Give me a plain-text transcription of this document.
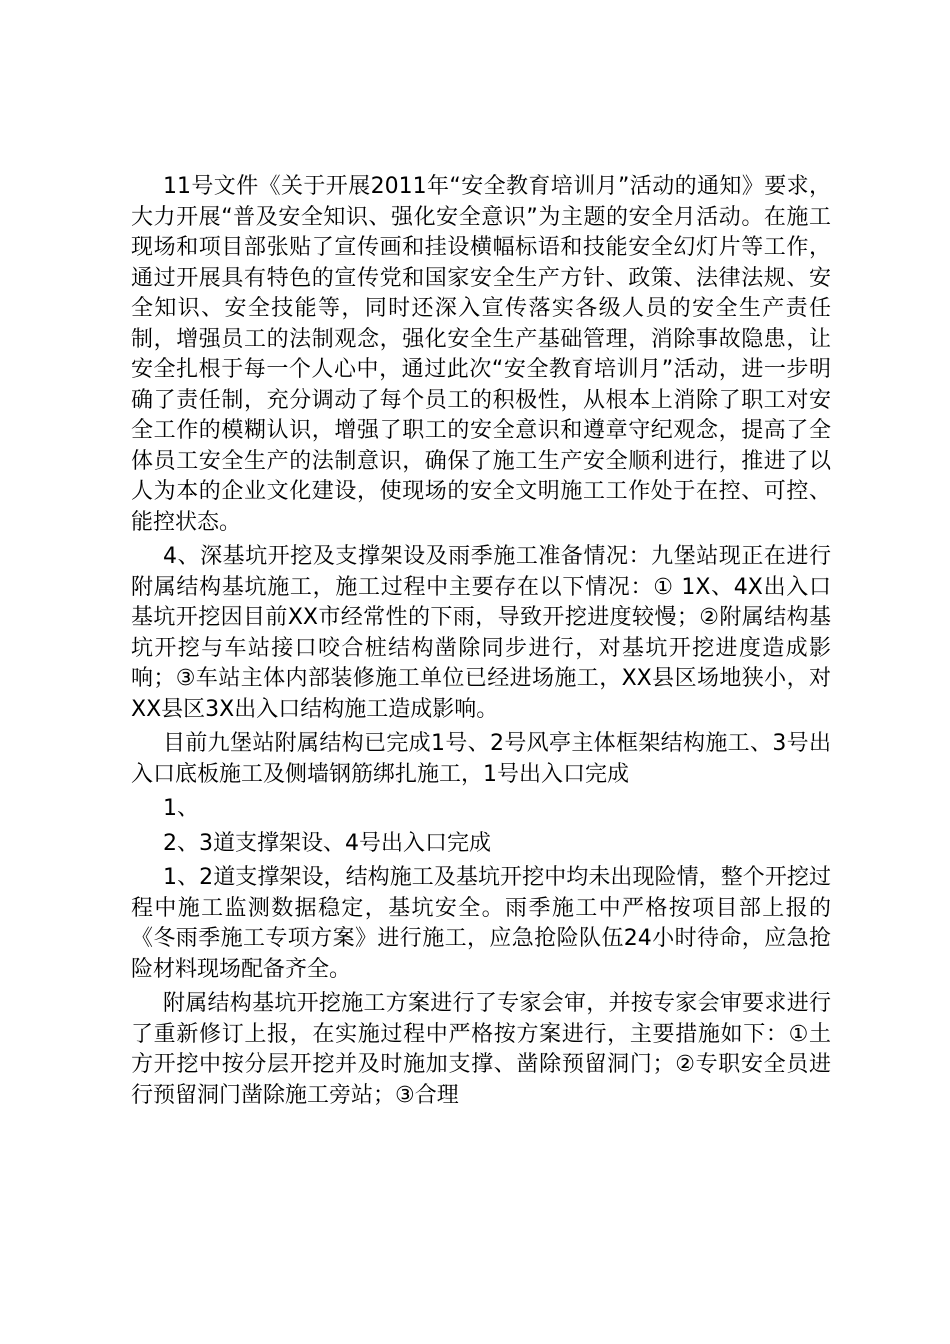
11号文件《关于开展2011年“安全教育培训月”活动的通知》要求，大力开展“普及安全知识、强化安全意识”为主题的安全月活动。在施工现场和项目部张贴了宣传画和挂设横幅标语和技能安全幻灯片等工作，通过开展具有特色的宣传党和国家安全生产方针、政策、法律法规、安全知识、安全技能等，同时还深入宣传落实各级人员的安全生产责任制，增强员工的法制观念，强化安全生产基础管理，消除事故隐患，让安全扎根于每一个人心中，通过此次“安全教育培训月”活动，进一步明确了责任制，充分调动了每个员工的积极性，从根本上消除了职工对安全工作的模糊认识，增强了职工的安全意识和遵章守纪观念，提高了全体员工安全生产的法制意识，确保了施工生产安全顺利进行，推进了以人为本的企业文化建设，使现场的安全文明施工工作处于在控、可控、能控状态。

4、深基坑开挖及支撑架设及雨季施工准备情况：九堡站现正在进行附属结构基坑施工，施工过程中主要存在以下情况：① 1X、4X出入口基坑开挖因目前XX市经常性的下雨，导致开挖进度较慢；②附属结构基坑开挖与车站接口咬合桩结构凿除同步进行，对基坑开挖进度造成影响；③车站主体内部装修施工单位已经进场施工，XX县区场地狭小，对XX县区3X出入口结构施工造成影响。

目前九堡站附属结构已完成1号、2号风亭主体框架结构施工、3号出入口底板施工及侧墙钢筋绑扎施工，1号出入口完成

1、

2、3道支撑架设、4号出入口完成

1、2道支撑架设，结构施工及基坑开挖中均未出现险情，整个开挖过程中施工监测数据稳定，基坑安全。雨季施工中严格按项目部上报的《冬雨季施工专项方案》进行施工，应急抢险队伍24小时待命，应急抢险材料现场配备齐全。

附属结构基坑开挖施工方案进行了专家会审，并按专家会审要求进行了重新修订上报，在实施过程中严格按方案进行，主要措施如下：①土方开挖中按分层开挖并及时施加支撑、凿除预留洞门；②专职安全员进行预留洞门凿除施工旁站；③合理
